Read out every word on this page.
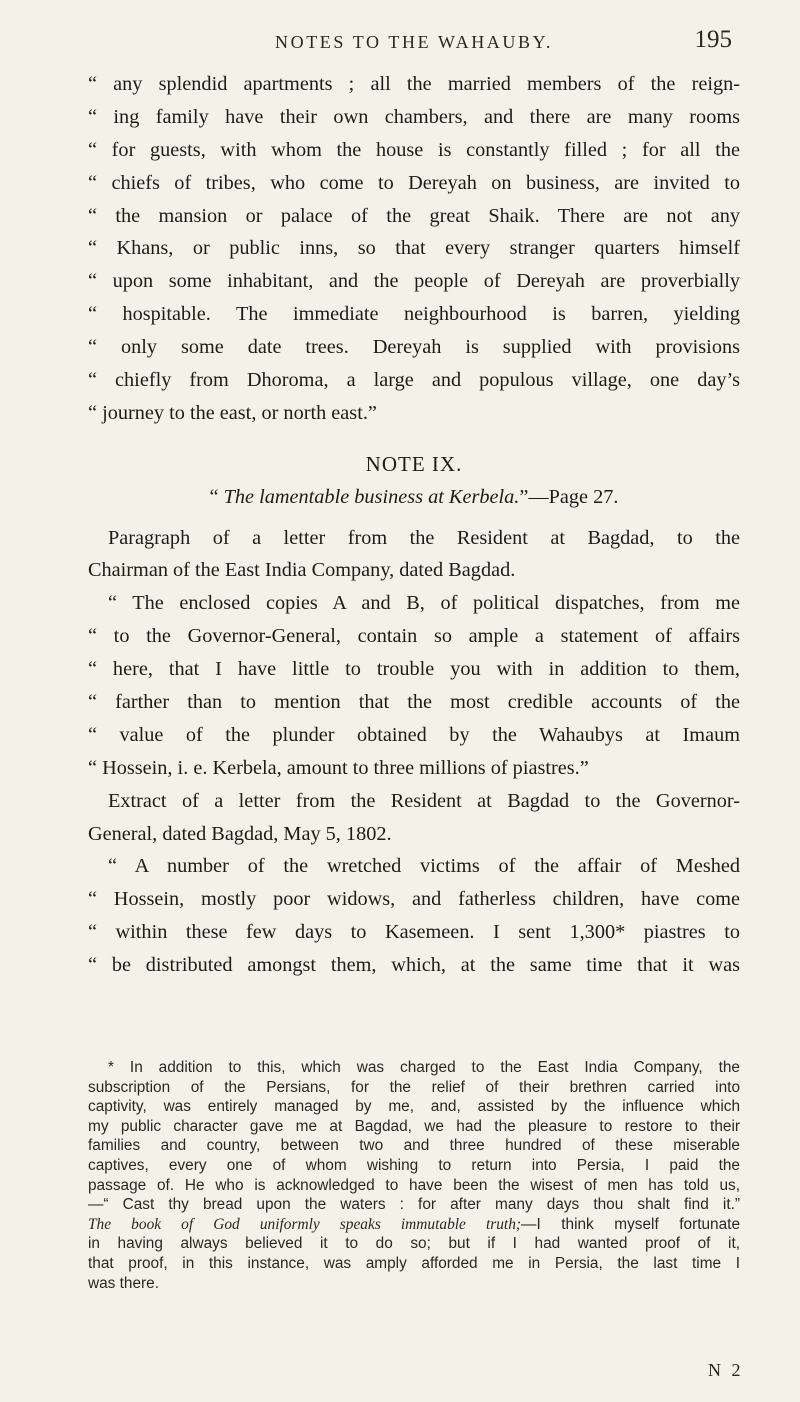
NOTES TO THE WAHAUBY.	195
“ any splendid apartments ; all the married members of the reign-
“ ing family have their own chambers, and there are many rooms
“ for guests, with whom the house is constantly filled ; for all the
“ chiefs of tribes, who come to Dereyah on business, are invited to
“ the mansion or palace of the great Shaik. There are not any
“ Khans, or public inns, so that every stranger quarters himself
“ upon some inhabitant, and the people of Dereyah are proverbially
“ hospitable. The immediate neighbourhood is barren, yielding
“ only some date trees. Dereyah is supplied with provisions
“ chiefly from Dhoroma, a large and populous village, one day’s
“ journey to the east, or north east.”
NOTE IX.
“ The lamentable business at Kerbela.”—Page 27.
Paragraph of a letter from the Resident at Bagdad, to the
Chairman of the East India Company, dated Bagdad.
“ The enclosed copies A and B, of political dispatches, from me
“ to the Governor-General, contain so ample a statement of affairs
“ here, that I have little to trouble you with in addition to them,
“ farther than to mention that the most credible accounts of the
“ value of the plunder obtained by the Wahaubys at Imaum
“ Hossein, i. e. Kerbela, amount to three millions of piastres.”
Extract of a letter from the Resident at Bagdad to the Governor-
General, dated Bagdad, May 5, 1802.
“ A number of the wretched victims of the affair of Meshed
“ Hossein, mostly poor widows, and fatherless children, have come
“ within these few days to Kasemeen. I sent 1,300* piastres to
“ be distributed amongst them, which, at the same time that it was
* In addition to this, which was charged to the East India Company, the
subscription of the Persians, for the relief of their brethren carried into
captivity, was entirely managed by me, and, assisted by the influence which
my public character gave me at Bagdad, we had the pleasure to restore to their
families and country, between two and three hundred of these miserable
captives, every one of whom wishing to return into Persia, I paid the
passage of. He who is acknowledged to have been the wisest of men has told us,
—“ Cast thy bread upon the waters : for after many days thou shalt find it.”
The book of God uniformly speaks immutable truth;—I think myself fortunate
in having always believed it to do so; but if I had wanted proof of it,
that proof, in this instance, was amply afforded me in Persia, the last time I
was there.
N 2
